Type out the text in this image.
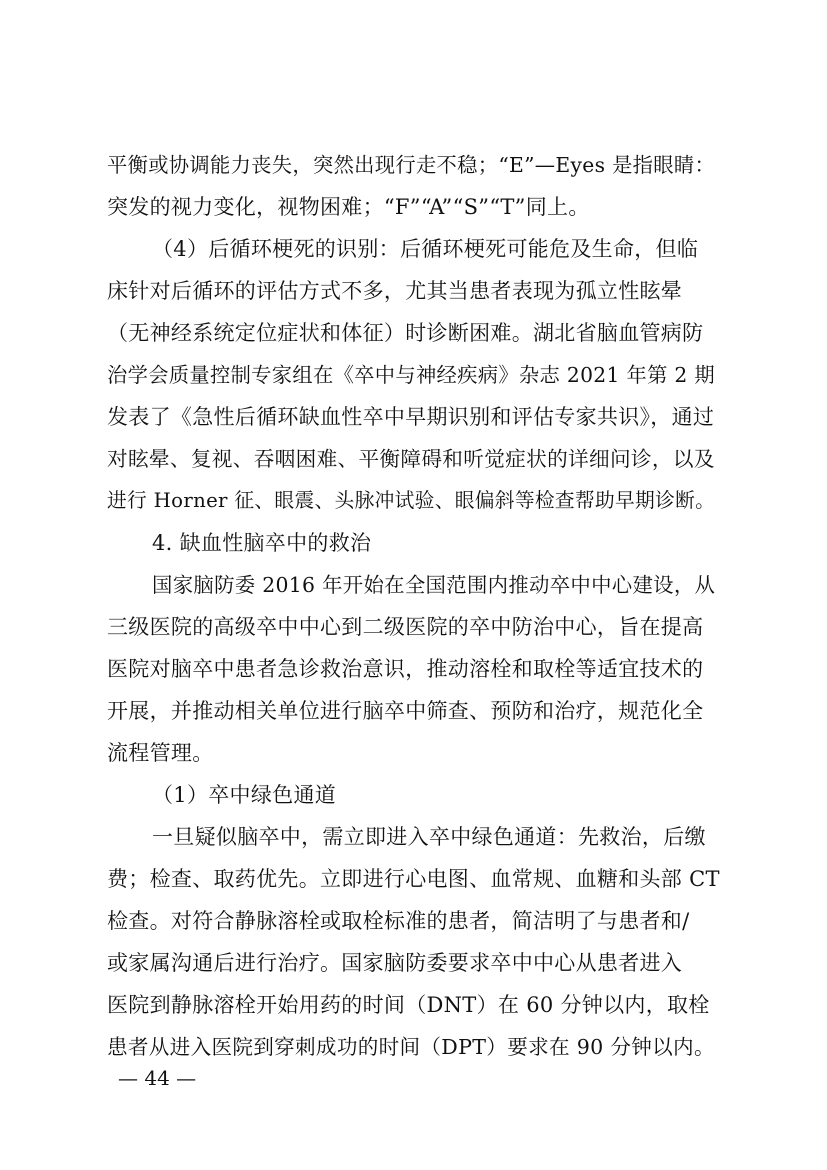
平衡或协调能力丧失，突然出现行走不稳；“E”—Eyes 是指眼睛：
突发的视力变化，视物困难；“F”“A”“S”“T”同上。
（4）后循环梗死的识别：后循环梗死可能危及生命，但临
床针对后循环的评估方式不多，尤其当患者表现为孤立性眩晕
（无神经系统定位症状和体征）时诊断困难。湖北省脑血管病防
治学会质量控制专家组在《卒中与神经疾病》杂志 2021 年第 2 期
发表了《急性后循环缺血性卒中早期识别和评估专家共识》，通过
对眩晕、复视、吞咽困难、平衡障碍和听觉症状的详细问诊，以及
进行 Horner 征、眼震、头脉冲试验、眼偏斜等检查帮助早期诊断。
4. 缺血性脑卒中的救治
国家脑防委 2016 年开始在全国范围内推动卒中中心建设，从
三级医院的高级卒中中心到二级医院的卒中防治中心，旨在提高
医院对脑卒中患者急诊救治意识，推动溶栓和取栓等适宜技术的
开展，并推动相关单位进行脑卒中筛查、预防和治疗，规范化全
流程管理。
（1）卒中绿色通道
一旦疑似脑卒中，需立即进入卒中绿色通道：先救治，后缴
费；检查、取药优先。立即进行心电图、血常规、血糖和头部 CT
检查。对符合静脉溶栓或取栓标准的患者，简洁明了与患者和/
或家属沟通后进行治疗。国家脑防委要求卒中中心从患者进入
医院到静脉溶栓开始用药的时间（DNT）在 60 分钟以内，取栓
患者从进入医院到穿刺成功的时间（DPT）要求在 90 分钟以内。
— 44 —
